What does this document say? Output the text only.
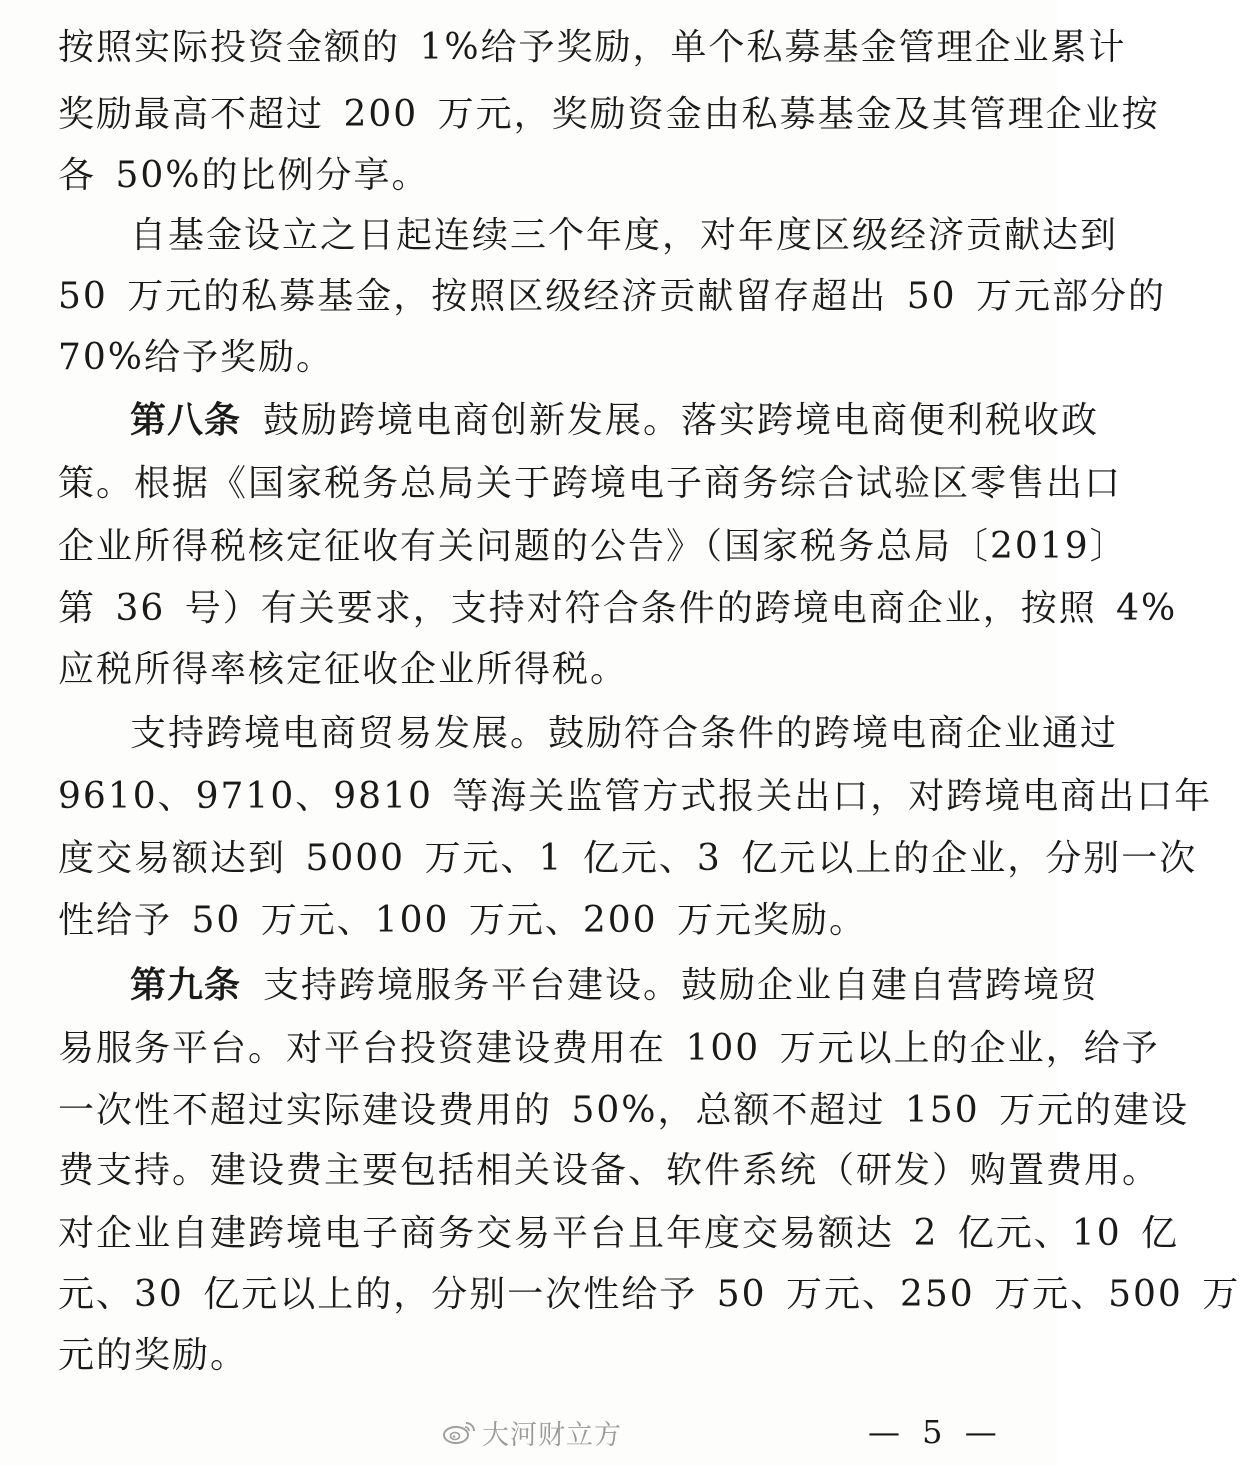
按照实际投资金额的 1%给予奖励，单个私募基金管理企业累计
奖励最高不超过 200 万元，奖励资金由私募基金及其管理企业按
各 50%的比例分享。
自基金设立之日起连续三个年度，对年度区级经济贡献达到
50 万元的私募基金，按照区级经济贡献留存超出 50 万元部分的
70%给予奖励。
第八条 鼓励跨境电商创新发展。落实跨境电商便利税收政
策。根据《国家税务总局关于跨境电子商务综合试验区零售出口
企业所得税核定征收有关问题的公告》（国家税务总局〔2019〕
第 36 号）有关要求，支持对符合条件的跨境电商企业，按照 4%
应税所得率核定征收企业所得税。
支持跨境电商贸易发展。鼓励符合条件的跨境电商企业通过
9610、9710、9810 等海关监管方式报关出口，对跨境电商出口年
度交易额达到 5000 万元、1 亿元、3 亿元以上的企业，分别一次
性给予 50 万元、100 万元、200 万元奖励。
第九条 支持跨境服务平台建设。鼓励企业自建自营跨境贸
易服务平台。对平台投资建设费用在 100 万元以上的企业，给予
一次性不超过实际建设费用的 50%，总额不超过 150 万元的建设
费支持。建设费主要包括相关设备、软件系统（研发）购置费用。
对企业自建跨境电子商务交易平台且年度交易额达 2 亿元、10 亿
元、30 亿元以上的，分别一次性给予 50 万元、250 万元、500 万
元的奖励。
大河财立方	— 5 —
